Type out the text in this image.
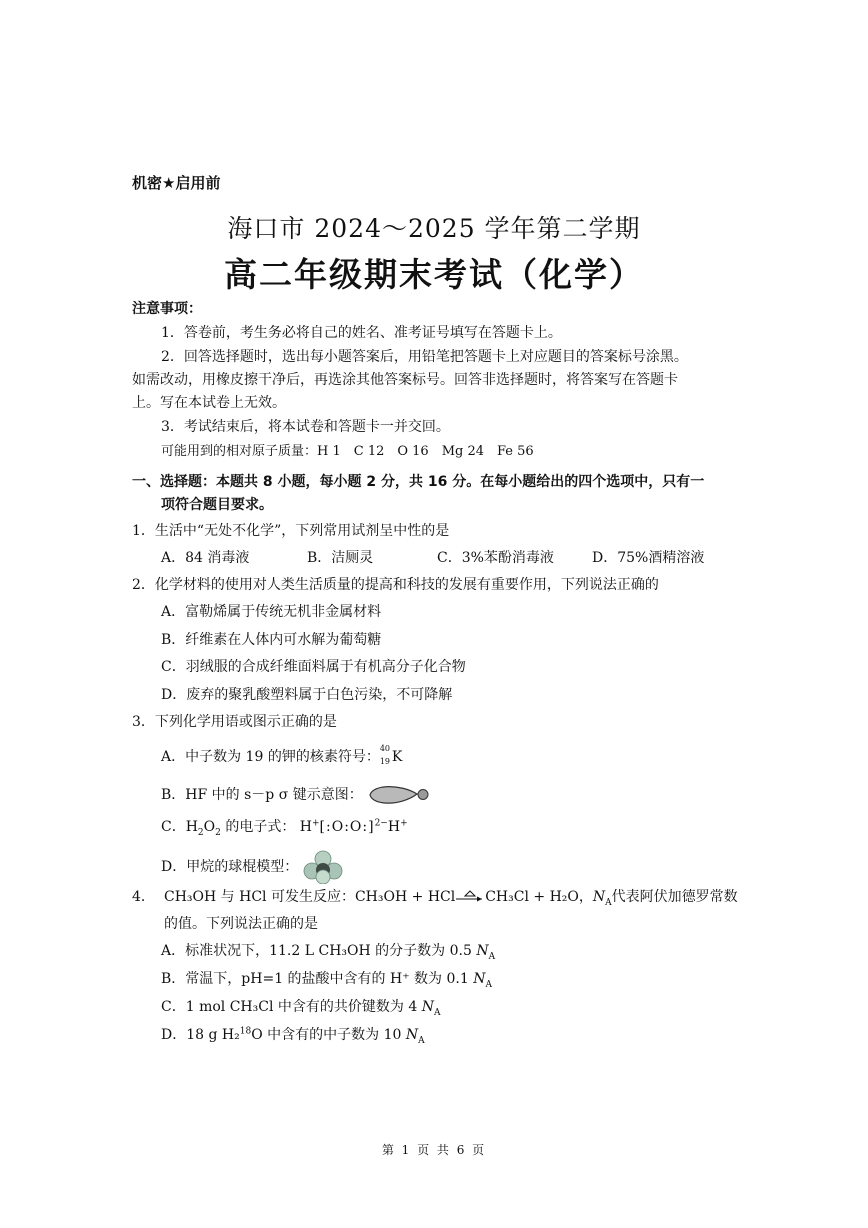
机密★启用前
海口市 2024～2025 学年第二学期
高二年级期末考试（化学）
注意事项：
1．答卷前，考生务必将自己的姓名、准考证号填写在答题卡上。
2．回答选择题时，选出每小题答案后，用铅笔把答题卡上对应题目的答案标号涂黑。
如需改动，用橡皮擦干净后，再选涂其他答案标号。回答非选择题时，将答案写在答题卡
上。写在本试卷上无效。
3．考试结束后，将本试卷和答题卡一并交回。
可能用到的相对原子质量：H 1　C 12　O 16　Mg 24　Fe 56
一、选择题：本题共 8 小题，每小题 2 分，共 16 分。在每小题给出的四个选项中，只有一
项符合题目要求。
1．生活中“无处不化学”，下列常用试剂呈中性的是
A．84 消毒液	B．洁厕灵	C．3%苯酚消毒液	D．75%酒精溶液
2．化学材料的使用对人类生活质量的提高和科技的发展有重要作用，下列说法正确的
A．富勒烯属于传统无机非金属材料
B．纤维素在人体内可水解为葡萄糖
C．羽绒服的合成纤维面料属于有机高分子化合物
D．废弃的聚乳酸塑料属于白色污染，不可降解
3．下列化学用语或图示正确的是
A．中子数为 19 的钾的核素符号：
40
19 K
B．HF 中的 s－p σ 键示意图：
C．$H_2O_2$ 的电子式： H+[:O:O:]$^{2-}$H+
D．甲烷的球棍模型：
4． CH₃OH 与 HCl 可发生反应：CH₃OH + HCl CH₃Cl + H₂O，$N_A$代表阿伏加德罗常数
的值。下列说法正确的是
A．标准状况下，11.2 L CH₃OH 的分子数为 0.5 $N_A$
B．常温下，pH=1 的盐酸中含有的 H⁺ 数为 0.1 $N_A$
C．1 mol CH₃Cl 中含有的共价键数为 4 $N_A$
D．18 g H₂$^{18}$O 中含有的中子数为 10 $N_A$
第 1 页 共 6 页
